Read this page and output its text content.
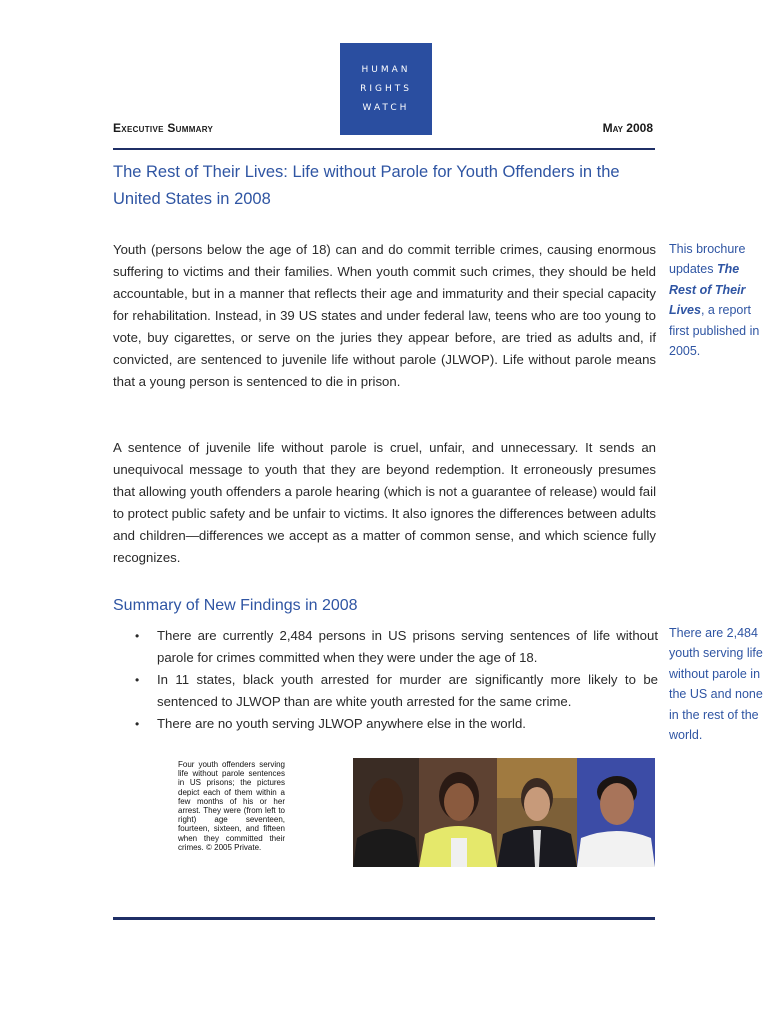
HUMAN
RIGHTS
WATCH
Executive Summary	May 2008
The Rest of Their Lives: Life without Parole for Youth Offenders in the United States in 2008

Youth (persons below the age of 18) can and do commit terrible crimes, causing enormous suffering to victims and their families. When youth commit such crimes, they should be held accountable, but in a manner that reflects their age and immaturity and their special capacity for rehabilitation. Instead, in 39 US states and under federal law, teens who are too young to vote, buy cigarettes, or serve on the juries they appear before, are tried as adults and, if convicted, are sentenced to juvenile life without parole (JLWOP). Life without parole means that a young person is sentenced to die in prison.

A sentence of juvenile life without parole is cruel, unfair, and unnecessary. It sends an unequivocal message to youth that they are beyond redemption. It erroneously presumes that allowing youth offenders a parole hearing (which is not a guarantee of release) would fail to protect public safety and be unfair to victims. It also ignores the differences between adults and children—differences we accept as a matter of common sense, and which science fully recognizes.

Summary of New Findings in 2008
• There are currently 2,484 persons in US prisons serving sentences of life without parole for crimes committed when they were under the age of 18.
• In 11 states, black youth arrested for murder are significantly more likely to be sentenced to JLWOP than are white youth arrested for the same crime.
• There are no youth serving JLWOP anywhere else in the world.
This brochure updates The Rest of Their Lives, a report first published in 2005.
There are 2,484 youth serving life without parole in the US and none in the rest of the world.
Four youth offenders serving life without parole sentences in US prisons; the pictures depict each of them within a few months of his or her arrest. They were (from left to right) age seventeen, fourteen, sixteen, and fifteen when they committed their crimes. © 2005 Private.
